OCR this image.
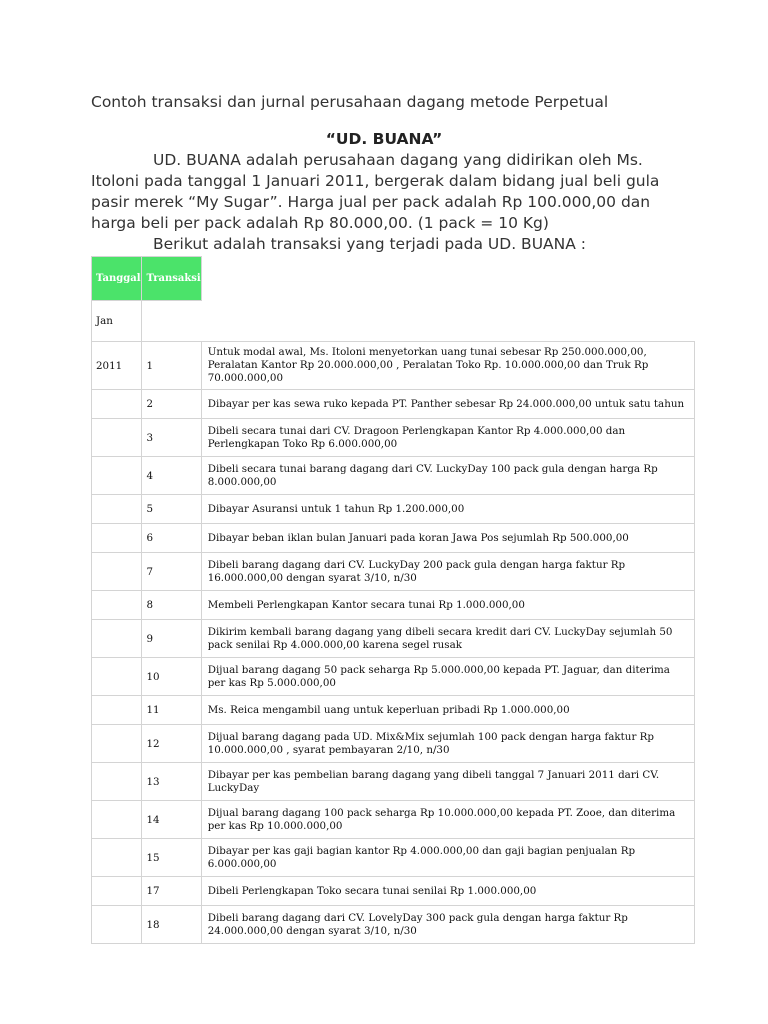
Contoh transaksi dan jurnal perusahaan dagang metode Perpetual
“UD. BUANA”

UD. BUANA adalah perusahaan dagang yang didirikan oleh Ms. Itoloni pada tanggal 1 Januari 2011, bergerak dalam bidang jual beli gula pasir merek “My Sugar”. Harga jual per pack adalah Rp 100.000,00 dan harga beli per pack adalah Rp 80.000,00. (1 pack = 10 Kg)

Berikut adalah transaksi yang terjadi pada UD. BUANA :

Tanggal	Transaksi	
Jan		
2011	1	Untuk modal awal, Ms. Itoloni menyetorkan uang tunai sebesar Rp 250.000.000,00, Peralatan Kantor Rp 20.000.000,00 , Peralatan Toko Rp. 10.000.000,00 dan Truk Rp 70.000.000,00
	2	Dibayar per kas sewa ruko kepada PT. Panther sebesar Rp 24.000.000,00 untuk satu tahun
	3	Dibeli secara tunai dari CV. Dragoon Perlengkapan Kantor Rp 4.000.000,00 dan Perlengkapan Toko Rp 6.000.000,00
	4	Dibeli secara tunai barang dagang dari CV. LuckyDay 100 pack gula dengan harga Rp 8.000.000,00
	5	Dibayar Asuransi untuk 1 tahun Rp 1.200.000,00
	6	Dibayar beban iklan bulan Januari pada koran Jawa Pos sejumlah Rp 500.000,00
	7	Dibeli barang dagang dari CV. LuckyDay 200 pack gula dengan harga faktur Rp 16.000.000,00 dengan syarat 3/10, n/30
	8	Membeli Perlengkapan Kantor secara tunai Rp 1.000.000,00
	9	Dikirim kembali barang dagang yang dibeli secara kredit dari CV. LuckyDay sejumlah 50 pack senilai Rp 4.000.000,00 karena segel rusak
	10	Dijual barang dagang 50 pack seharga Rp 5.000.000,00 kepada PT. Jaguar, dan diterima per kas Rp 5.000.000,00
	11	Ms. Reica mengambil uang untuk keperluan pribadi Rp 1.000.000,00
	12	Dijual barang dagang pada UD. Mix&Mix sejumlah 100 pack dengan harga faktur Rp 10.000.000,00 , syarat pembayaran 2/10, n/30
	13	Dibayar per kas pembelian barang dagang yang dibeli tanggal 7 Januari 2011 dari CV. LuckyDay
	14	Dijual barang dagang 100 pack seharga Rp 10.000.000,00 kepada PT. Zooe, dan diterima per kas Rp 10.000.000,00
	15	Dibayar per kas gaji bagian kantor Rp 4.000.000,00 dan gaji bagian penjualan Rp 6.000.000,00
	17	Dibeli Perlengkapan Toko secara tunai senilai Rp 1.000.000,00
	18	Dibeli barang dagang dari CV. LovelyDay 300 pack gula dengan harga faktur Rp 24.000.000,00 dengan syarat 3/10, n/30
